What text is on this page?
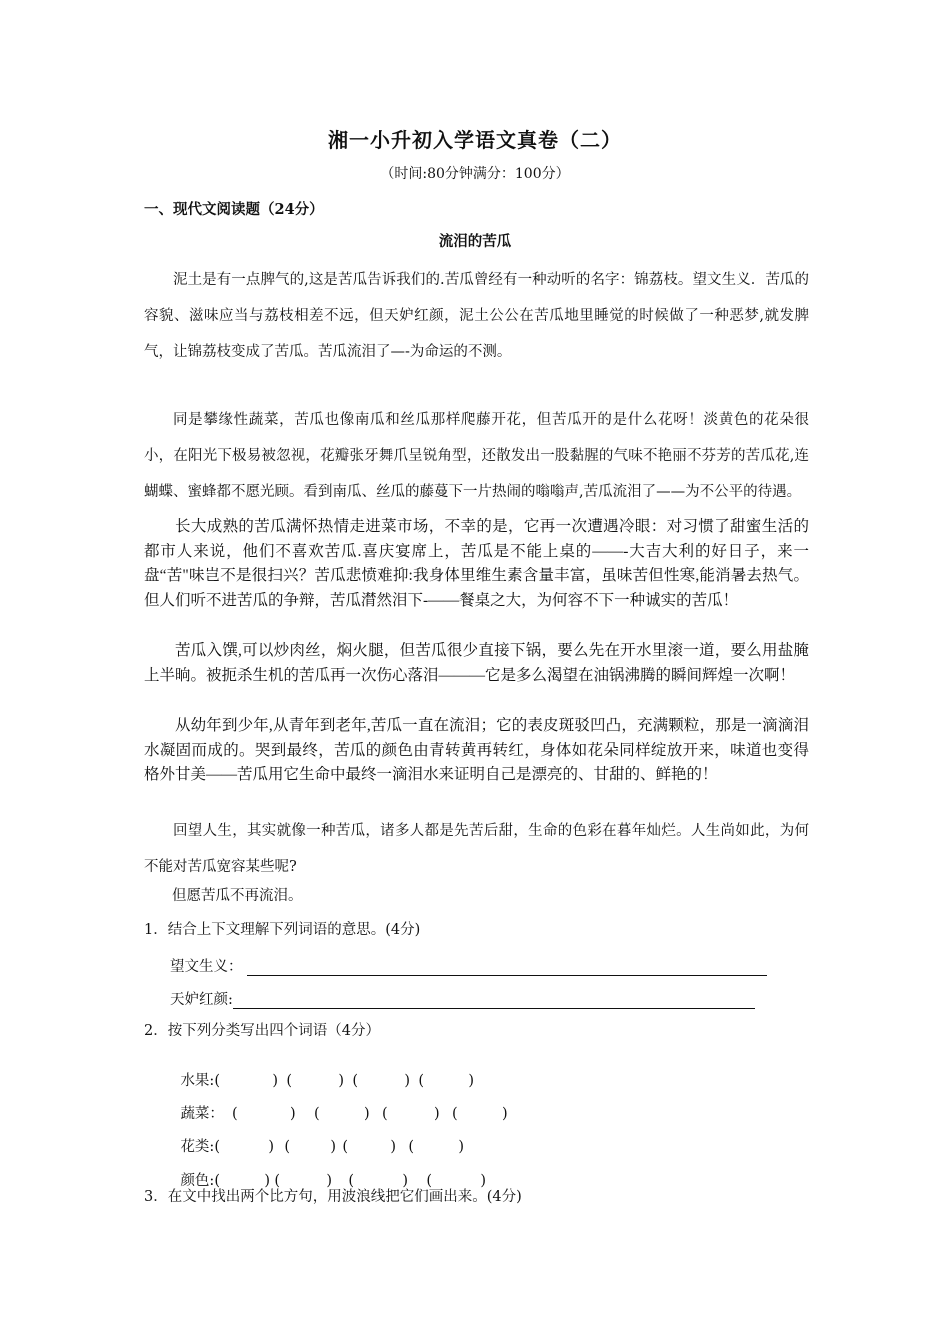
湘一小升初入学语文真卷（二）
（时间:80分钟满分：100分）
一、现代文阅读题（24分）
流泪的苦瓜
泥土是有一点脾气的,这是苦瓜告诉我们的.苦瓜曾经有一种动听的名字：锦荔枝。望文生义．苦瓜的容貌、滋味应当与荔枝相差不远，但天妒红颜，泥土公公在苦瓜地里睡觉的时候做了一种恶梦,就发脾气，让锦荔枝变成了苦瓜。苦瓜流泪了—-为命运的不测。
同是攀缘性蔬菜，苦瓜也像南瓜和丝瓜那样爬藤开花，但苦瓜开的是什么花呀！淡黄色的花朵很小，在阳光下极易被忽视，花瓣张牙舞爪呈锐角型，还散发出一股黏腥的气味不艳丽不芬芳的苦瓜花,连蝴蝶、蜜蜂都不愿光顾。看到南瓜、丝瓜的藤蔓下一片热闹的嗡嗡声,苦瓜流泪了——为不公平的待遇。
长大成熟的苦瓜满怀热情走进菜市场，不幸的是，它再一次遭遇冷眼：对习惯了甜蜜生活的都市人来说，他们不喜欢苦瓜.喜庆宴席上，苦瓜是不能上桌的——-大吉大利的好日子，来一盘“苦"味岂不是很扫兴？苦瓜悲愤难抑:我身体里维生素含量丰富，虽味苦但性寒,能消暑去热气。但人们听不进苦瓜的争辩，苦瓜潸然泪下-——餐桌之大，为何容不下一种诚实的苦瓜！
苦瓜入馔,可以炒肉丝，焖火腿，但苦瓜很少直接下锅，要么先在开水里滚一道，要么用盐腌上半晌。被扼杀生机的苦瓜再一次伤心落泪———它是多么渴望在油锅沸腾的瞬间辉煌一次啊！
从幼年到少年,从青年到老年,苦瓜一直在流泪；它的表皮斑驳凹凸，充满颗粒，那是一滴滴泪水凝固而成的。哭到最终，苦瓜的颜色由青转黄再转红，身体如花朵同样绽放开来，味道也变得格外甘美——苦瓜用它生命中最终一滴泪水来证明自己是漂亮的、甘甜的、鲜艳的！
回望人生，其实就像一种苦瓜，诸多人都是先苦后甜，生命的色彩在暮年灿烂。人生尚如此，为何不能对苦瓜宽容某些呢?
但愿苦瓜不再流泪。
1．结合上下文理解下列词语的意思。(4分)
望文生义：
天妒红颜:
2．按下列分类写出四个词语（4分）

水果:(	) (	) (	) (	)

蔬菜： (	) (	) (	) (	)

花类:(	) (	) (	) (	)

颜色:(	) (	) (	) (	)

3．在文中找出两个比方句，用波浪线把它们画出来。(4分)
